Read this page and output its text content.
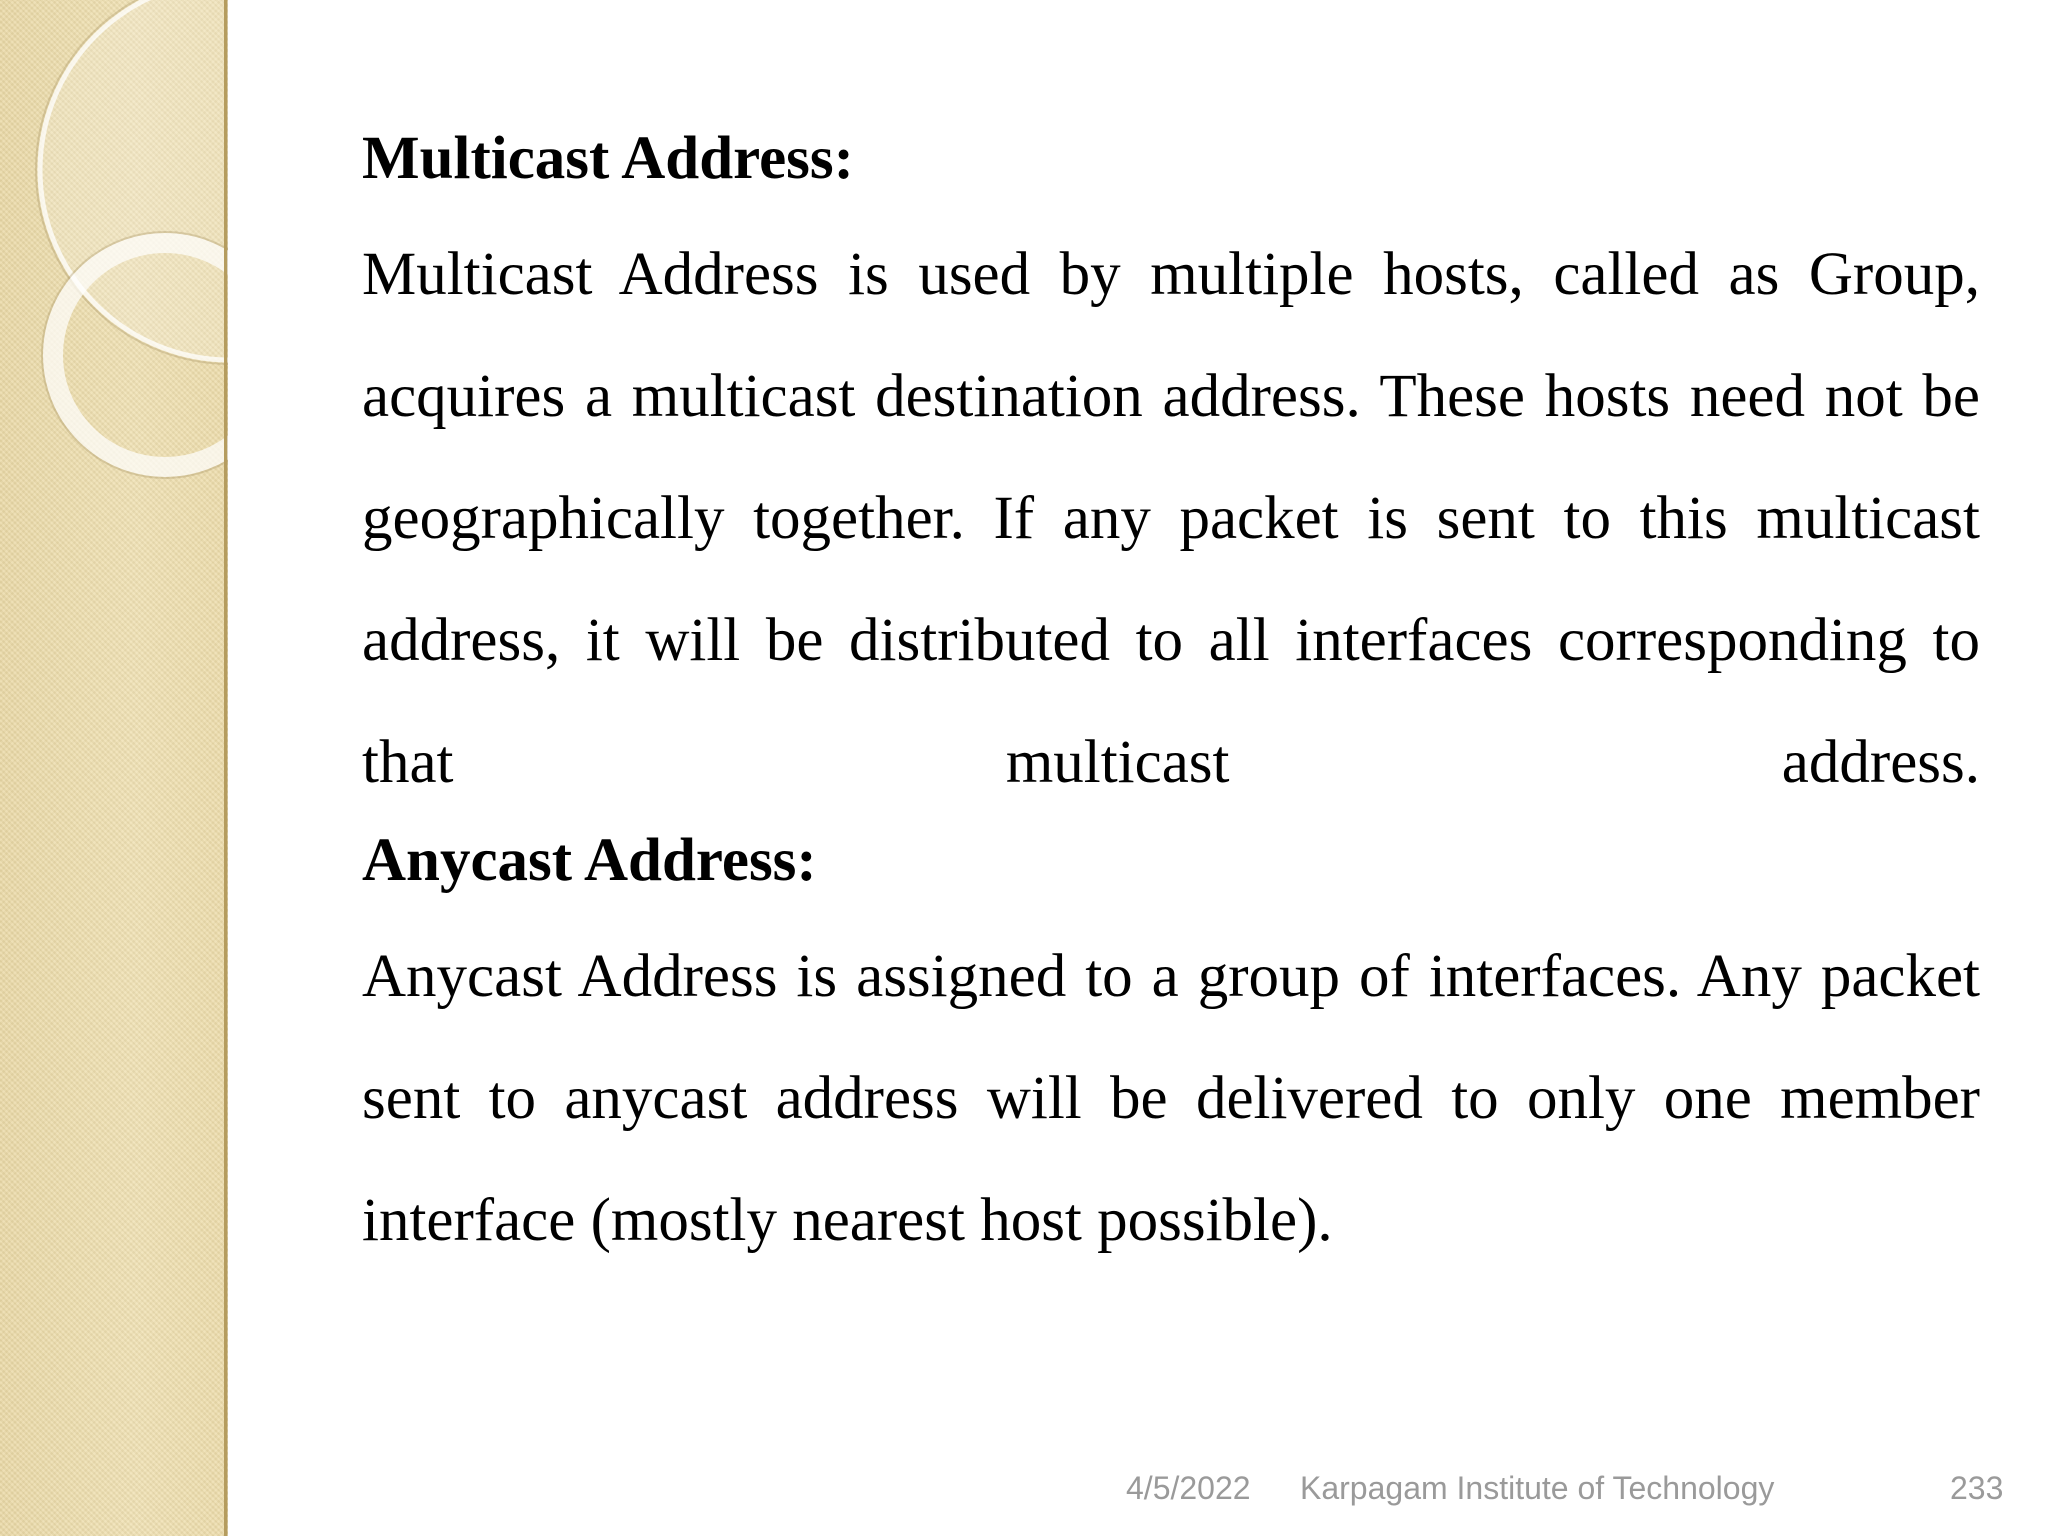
Multicast Address:

Multicast Address is used by multiple hosts, called as Group, acquires a multicast destination address. These hosts need not be geographically together. If any packet is sent to this multicast address, it will be distributed to all interfaces corresponding to that multicast address.

Anycast Address:

Anycast Address is assigned to a group of interfaces. Any packet sent to anycast address will be delivered to only one member interface (mostly nearest host possible).

4/5/2022 Karpagam Institute of Technology	233
